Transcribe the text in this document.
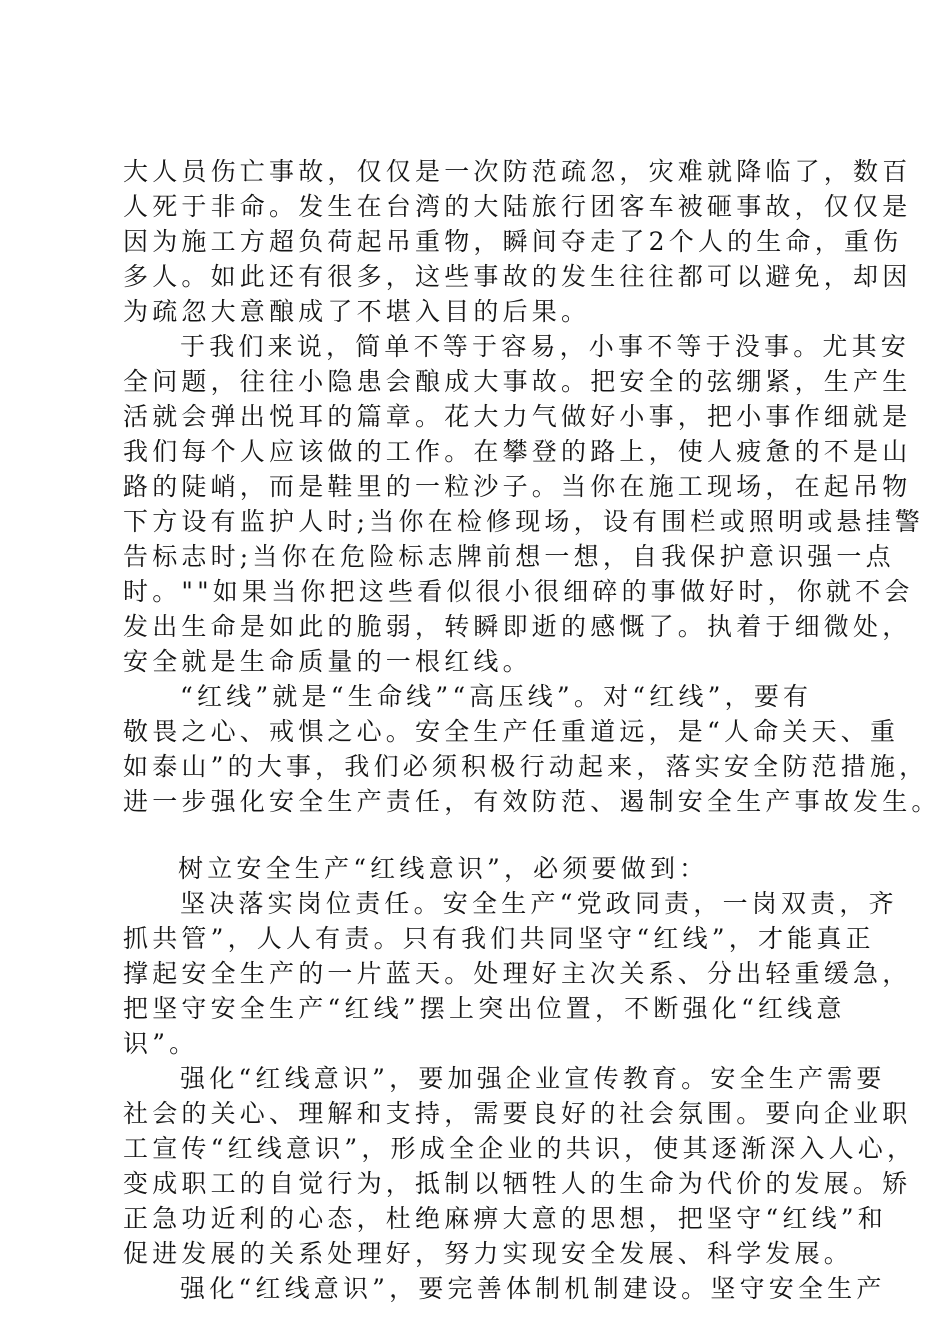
大人员伤亡事故，仅仅是一次防范疏忽，灾难就降临了，数百
人死于非命。发生在台湾的大陆旅行团客车被砸事故，仅仅是
因为施工方超负荷起吊重物，瞬间夺走了2个人的生命，重伤
多人。如此还有很多，这些事故的发生往往都可以避免，却因
为疏忽大意酿成了不堪入目的后果。
于我们来说，简单不等于容易，小事不等于没事。尤其安
全问题，往往小隐患会酿成大事故。把安全的弦绷紧，生产生
活就会弹出悦耳的篇章。花大力气做好小事，把小事作细就是
我们每个人应该做的工作。在攀登的路上，使人疲惫的不是山
路的陡峭，而是鞋里的一粒沙子。当你在施工现场，在起吊物
下方设有监护人时;当你在检修现场，设有围栏或照明或悬挂警
告标志时;当你在危险标志牌前想一想，自我保护意识强一点
时。""如果当你把这些看似很小很细碎的事做好时，你就不会
发出生命是如此的脆弱，转瞬即逝的感慨了。执着于细微处，
安全就是生命质量的一根红线。
“红线”就是“生命线”“高压线”。对“红线”，要有
敬畏之心、戒惧之心。安全生产任重道远，是“人命关天、重
如泰山”的大事，我们必须积极行动起来，落实安全防范措施，
进一步强化安全生产责任，有效防范、遏制安全生产事故发生。
树立安全生产“红线意识”，必须要做到：
坚决落实岗位责任。安全生产“党政同责，一岗双责，齐
抓共管”，人人有责。只有我们共同坚守“红线”，才能真正
撑起安全生产的一片蓝天。处理好主次关系、分出轻重缓急，
把坚守安全生产“红线”摆上突出位置，不断强化“红线意
识”。
强化“红线意识”，要加强企业宣传教育。安全生产需要
社会的关心、理解和支持，需要良好的社会氛围。要向企业职
工宣传“红线意识”，形成全企业的共识，使其逐渐深入人心，
变成职工的自觉行为，抵制以牺牲人的生命为代价的发展。矫
正急功近利的心态，杜绝麻痹大意的思想，把坚守“红线”和
促进发展的关系处理好，努力实现安全发展、科学发展。
强化“红线意识”，要完善体制机制建设。坚守安全生产
